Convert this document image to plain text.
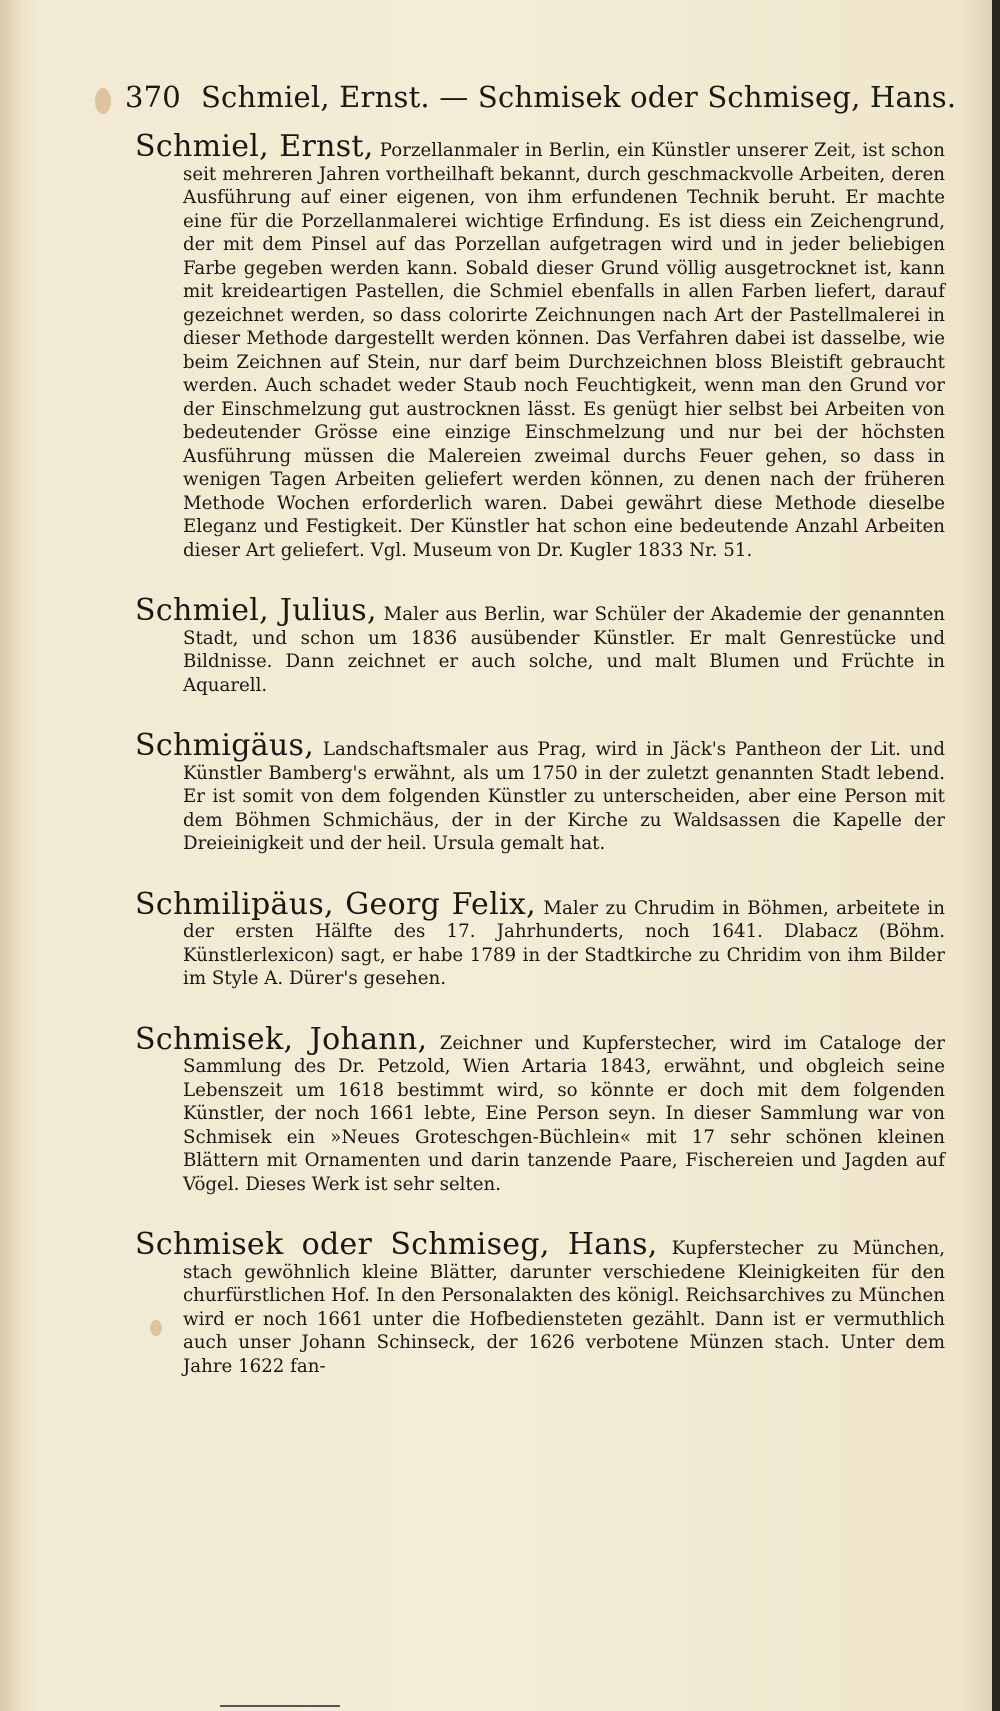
370 Schmiel, Ernst. — Schmisek oder Schmiseg, Hans.

Schmiel, Ernst, Porzellanmaler in Berlin, ein Künstler unserer Zeit, ist schon seit mehreren Jahren vortheilhaft bekannt, durch geschmackvolle Arbeiten, deren Ausführung auf einer eigenen, von ihm erfundenen Technik beruht. Er machte eine für die Porzellanmalerei wichtige Erfindung. Es ist diess ein Zeichengrund, der mit dem Pinsel auf das Porzellan aufgetragen wird und in jeder beliebigen Farbe gegeben werden kann. Sobald dieser Grund völlig ausgetrocknet ist, kann mit kreideartigen Pastellen, die Schmiel ebenfalls in allen Farben liefert, darauf gezeichnet werden, so dass colorirte Zeichnungen nach Art der Pastellmalerei in dieser Methode dargestellt werden können. Das Verfahren dabei ist dasselbe, wie beim Zeichnen auf Stein, nur darf beim Durchzeichnen bloss Bleistift gebraucht werden. Auch schadet weder Staub noch Feuchtigkeit, wenn man den Grund vor der Einschmelzung gut austrocknen lässt. Es genügt hier selbst bei Arbeiten von bedeutender Grösse eine einzige Einschmelzung und nur bei der höchsten Ausführung müssen die Malereien zweimal durchs Feuer gehen, so dass in wenigen Tagen Arbeiten geliefert werden können, zu denen nach der früheren Methode Wochen erforderlich waren. Dabei gewährt diese Methode dieselbe Eleganz und Festigkeit. Der Künstler hat schon eine bedeutende Anzahl Arbeiten dieser Art geliefert. Vgl. Museum von Dr. Kugler 1833 Nr. 51.

Schmiel, Julius, Maler aus Berlin, war Schüler der Akademie der genannten Stadt, und schon um 1836 ausübender Künstler. Er malt Genrestücke und Bildnisse. Dann zeichnet er auch solche, und malt Blumen und Früchte in Aquarell.

Schmigäus, Landschaftsmaler aus Prag, wird in Jäck's Pantheon der Lit. und Künstler Bamberg's erwähnt, als um 1750 in der zuletzt genannten Stadt lebend. Er ist somit von dem folgenden Künstler zu unterscheiden, aber eine Person mit dem Böhmen Schmichäus, der in der Kirche zu Waldsassen die Kapelle der Dreieinigkeit und der heil. Ursula gemalt hat.

Schmilipäus, Georg Felix, Maler zu Chrudim in Böhmen, arbeitete in der ersten Hälfte des 17. Jahrhunderts, noch 1641. Dlabacz (Böhm. Künstlerlexicon) sagt, er habe 1789 in der Stadtkirche zu Chridim von ihm Bilder im Style A. Dürer's gesehen.

Schmisek, Johann, Zeichner und Kupferstecher, wird im Cataloge der Sammlung des Dr. Petzold, Wien Artaria 1843, erwähnt, und obgleich seine Lebenszeit um 1618 bestimmt wird, so könnte er doch mit dem folgenden Künstler, der noch 1661 lebte, Eine Person seyn. In dieser Sammlung war von Schmisek ein »Neues Groteschgen-Büchlein« mit 17 sehr schönen kleinen Blättern mit Ornamenten und darin tanzende Paare, Fischereien und Jagden auf Vögel. Dieses Werk ist sehr selten.

Schmisek oder Schmiseg, Hans, Kupferstecher zu München, stach gewöhnlich kleine Blätter, darunter verschiedene Kleinigkeiten für den churfürstlichen Hof. In den Personalakten des königl. Reichsarchives zu München wird er noch 1661 unter die Hofbediensteten gezählt. Dann ist er vermuthlich auch unser Johann Schinseck, der 1626 verbotene Münzen stach. Unter dem Jahre 1622 fan-
